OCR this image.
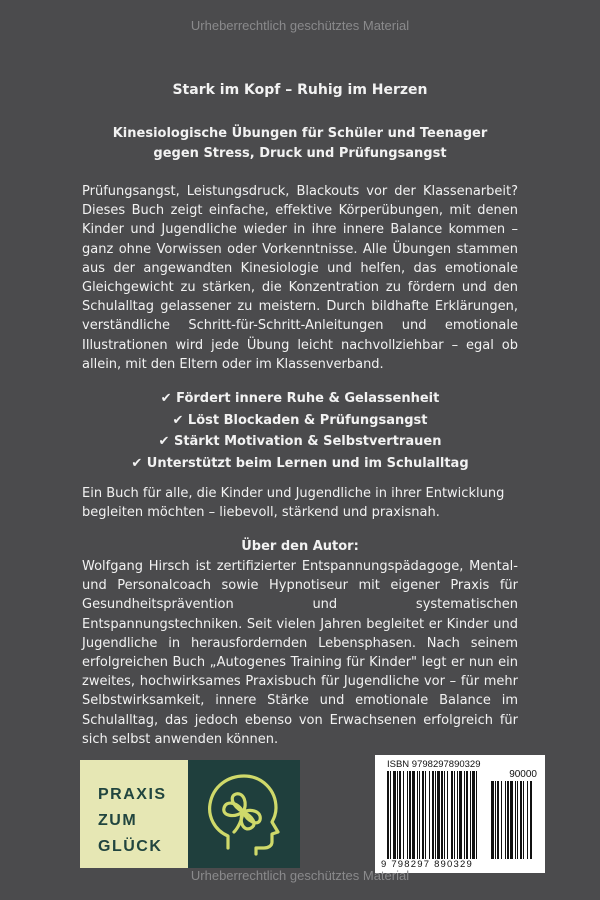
Urheberrechtlich geschütztes Material
Stark im Kopf – Ruhig im Herzen
Kinesiologische Übungen für Schüler und Teenager
gegen Stress, Druck und Prüfungsangst
Prüfungsangst, Leistungsdruck, Blackouts vor der Klassenarbeit? Dieses Buch zeigt einfache, effektive Körperübungen, mit denen Kinder und Jugendliche wieder in ihre innere Balance kommen – ganz ohne Vorwissen oder Vorkenntnisse. Alle Übungen stammen aus der angewandten Kinesiologie und helfen, das emotionale Gleichgewicht zu stärken, die Konzentration zu fördern und den Schulalltag gelassener zu meistern. Durch bildhafte Erklärungen, verständliche Schritt-für-Schritt-Anleitungen und emotionale Illustrationen wird jede Übung leicht nachvollziehbar – egal ob allein, mit den Eltern oder im Klassenverband.
✔ Fördert innere Ruhe & Gelassenheit
✔ Löst Blockaden & Prüfungsangst
✔ Stärkt Motivation & Selbstvertrauen
✔ Unterstützt beim Lernen und im Schulalltag
Ein Buch für alle, die Kinder und Jugendliche in ihrer Entwicklung begleiten möchten – liebevoll, stärkend und praxisnah.
Über den Autor:
Wolfgang Hirsch ist zertifizierter Entspannungspädagoge, Mental- und Personalcoach sowie Hypnotiseur mit eigener Praxis für Gesundheitsprävention und systematischen Entspannungstechniken. Seit vielen Jahren begleitet er Kinder und Jugendliche in herausfordernden Lebensphasen. Nach seinem erfolgreichen Buch „Autogenes Training für Kinder" legt er nun ein zweites, hochwirksames Praxisbuch für Jugendliche vor – für mehr Selbstwirksamkeit, innere Stärke und emotionale Balance im Schulalltag, das jedoch ebenso von Erwachsenen erfolgreich für sich selbst anwenden können.
PRAXIS
ZUM
GLÜCK
ISBN 9798297890329
90000
9 798297 890329
Urheberrechtlich geschütztes Material
